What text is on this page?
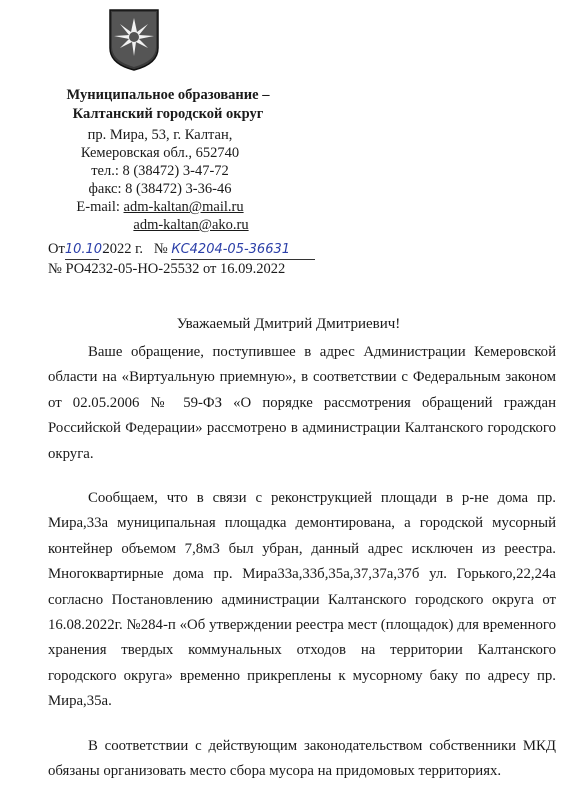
Муниципальное образование –
Калтанский городской округ
пр. Мира, 53, г. Калтан,
Кемеровская обл., 652740
тел.: 8 (38472) 3-47-72
факс: 8 (38472) 3-36-46
E-mail: adm-kaltan@mail.ru
adm-kaltan@ako.ru
От10.10. 2022 г. № КС4204-05-36631
№ РО4232-05-НО-25532 от 16.09.2022
Уважаемый Дмитрий Дмитриевич!

Ваше обращение, поступившее в адрес Администрации Кемеровской области на «Виртуальную приемную», в соответствии с Федеральным законом от 02.05.2006 № 59-ФЗ «О порядке рассмотрения обращений граждан Российской Федерации» рассмотрено в администрации Калтанского городского округа.

Сообщаем, что в связи с реконструкцией площади в р-не дома пр. Мира,33а муниципальная площадка демонтирована, а городской мусорный контейнер объемом 7,8м3 был убран, данный адрес исключен из реестра. Многоквартирные дома пр. Мира33а,33б,35а,37,37а,37б ул. Горького,22,24а согласно Постановлению администрации Калтанского городского округа от 16.08.2022г. №284-п «Об утверждении реестра мест (площадок) для временного хранения твердых коммунальных отходов на территории Калтанского городского округа» временно прикреплены к мусорному баку по адресу пр. Мира,35а.

В соответствии с действующим законодательством собственники МКД обязаны организовать место сбора мусора на придомовых территориях.
